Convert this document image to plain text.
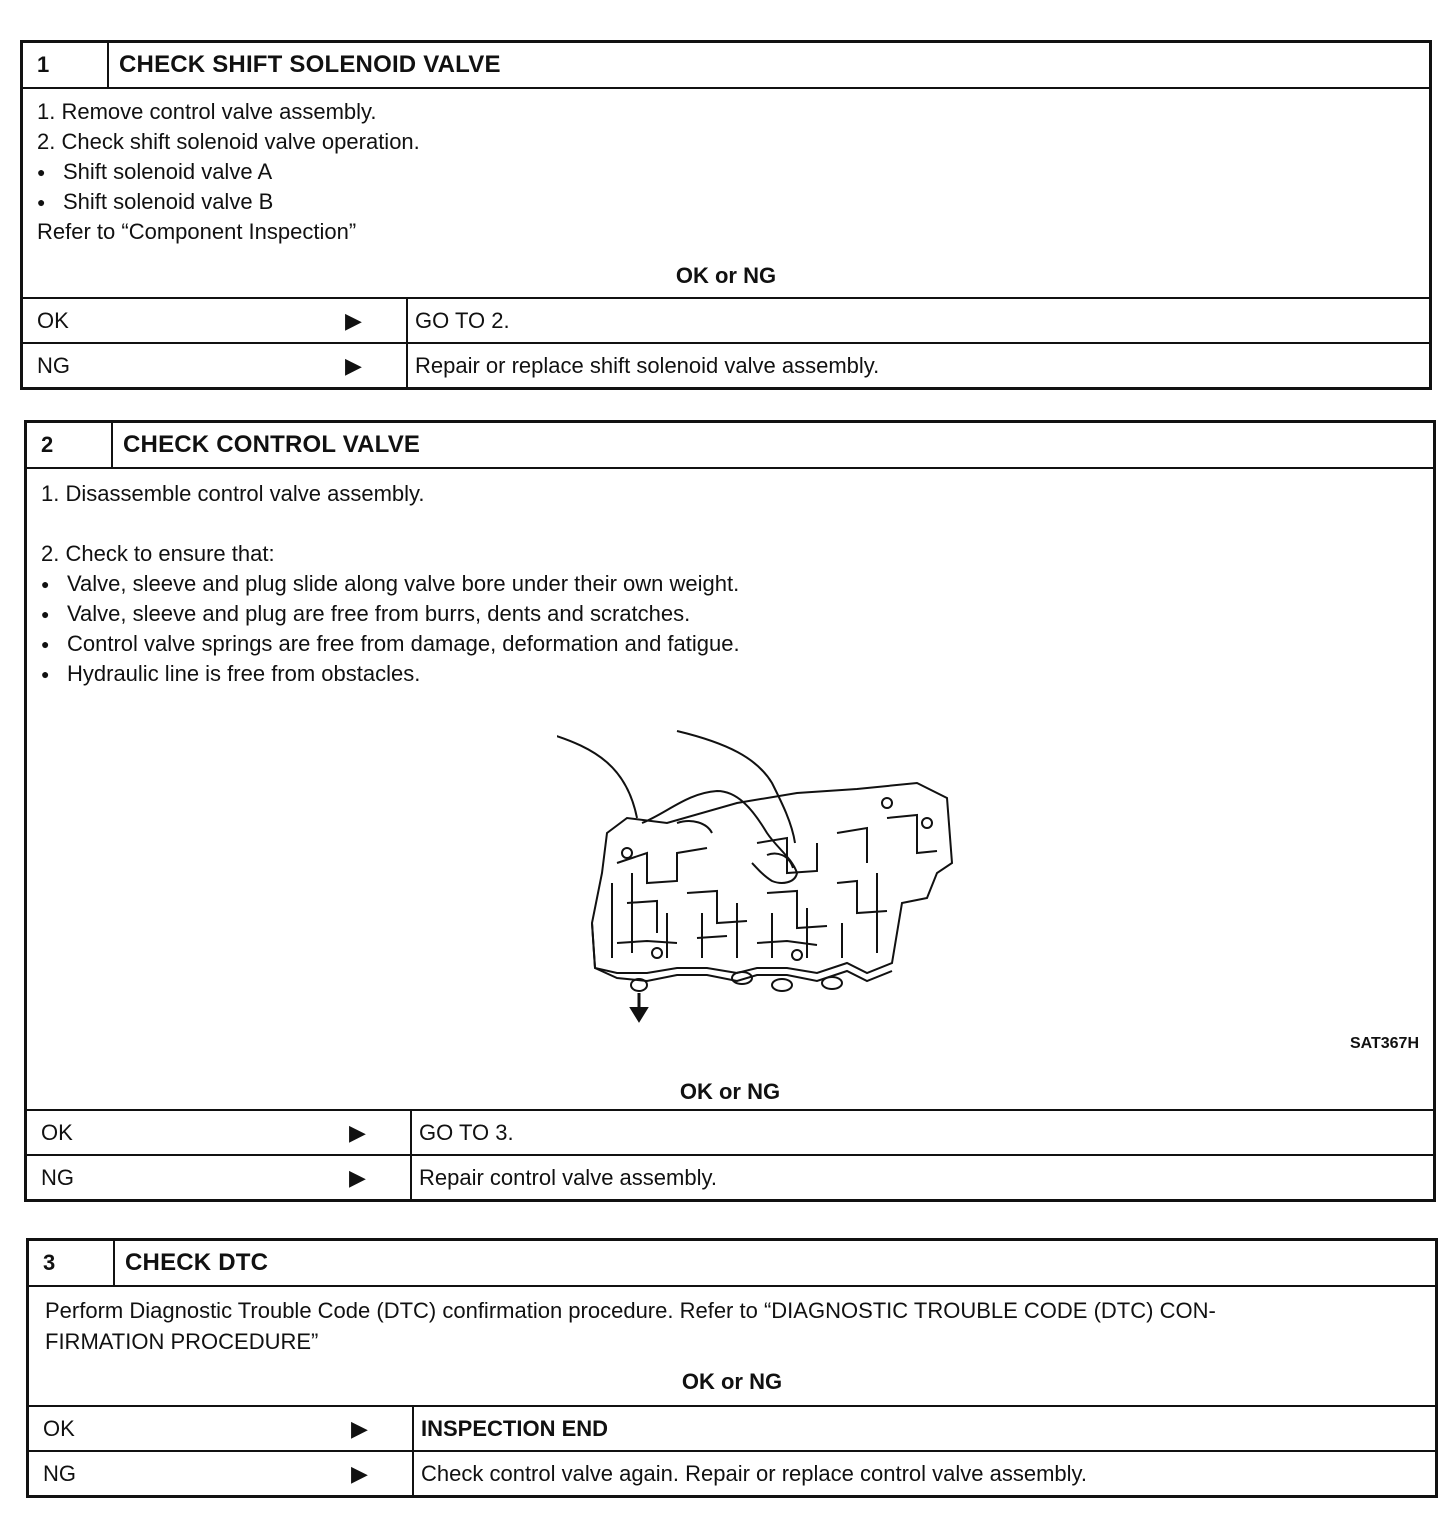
1	CHECK SHIFT SOLENOID VALVE
1. Remove control valve assembly.
2. Check shift solenoid valve operation.
● Shift solenoid valve A
● Shift solenoid valve B
Refer to “Component Inspection”
OK or NG
OK	▶ GO TO 2.
NG	▶ Repair or replace shift solenoid valve assembly.
2	CHECK CONTROL VALVE
1. Disassemble control valve assembly.
2. Check to ensure that:
● Valve, sleeve and plug slide along valve bore under their own weight.
● Valve, sleeve and plug are free from burrs, dents and scratches.
● Control valve springs are free from damage, deformation and fatigue.
● Hydraulic line is free from obstacles.
SAT367H
OK or NG
OK	▶ GO TO 3.
NG	▶ Repair control valve assembly.
3	CHECK DTC
Perform Diagnostic Trouble Code (DTC) confirmation procedure. Refer to “DIAGNOSTIC TROUBLE CODE (DTC) CON-
FIRMATION PROCEDURE”
OK or NG
OK	▶ INSPECTION END
NG	▶ Check control valve again. Repair or replace control valve assembly.
